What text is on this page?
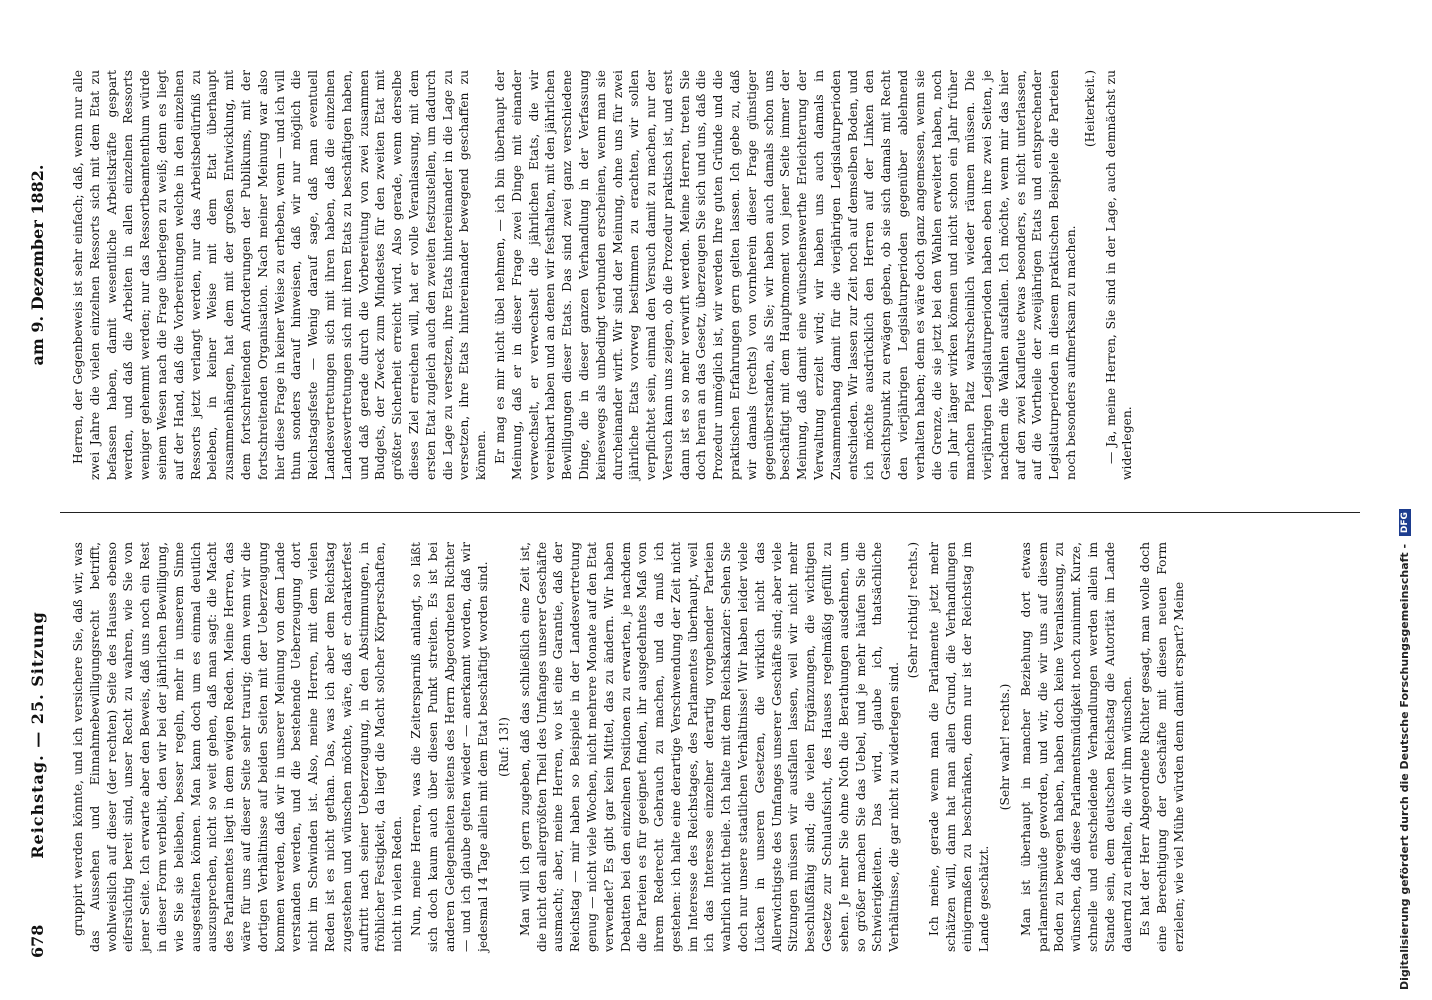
678
Reichstag. — 25. Sitzung
am 9. Dezember 1882.

gruppirt werden könnte, und ich versichere Sie, daß wir, was das Aussehen und Einnahmebewilligungsrecht betrifft, wohlweislich auf dieser (der rechten) Seite des Hauses ebenso eifersüchtig bereit sind, unser Recht zu wahren, wie Sie von jener Seite. Ich erwarte aber den Beweis, daß uns noch ein Rest in dieser Form verbleibt, den wir bei der jährlichen Bewilligung, wie Sie sie belieben, besser regeln, mehr in unserem Sinne ausgestalten können. Man kann doch um es einmal deutlich auszusprechen, nicht so weit gehen, daß man sagt: die Macht des Parlamentes liegt in dem ewigen Reden. Meine Herren, das wäre für uns auf dieser Seite sehr traurig; denn wenn wir die dortigen Verhältnisse auf beiden Seiten mit der Ueberzeugung kommen werden, daß wir in unserer Meinung von dem Lande verstanden werden, und die bestehende Ueberzeugung dort nicht im Schwinden ist. Also, meine Herren, mit dem vielen Reden ist es nicht gethan. Das, was ich aber dem Reichstag zugestehen und wünschen möchte, wäre, daß er charakterfest auftritt nach seiner Ueberzeugung, in den Abstimmungen, in fröhlicher Festigkeit, da liegt die Macht solcher Körperschaften, nicht in vielen Reden. Nun, meine Herren, was die Zeitersparniß anlangt, so läßt sich doch kaum auch über diesen Punkt streiten. Es ist bei anderen Gelegenheiten seitens des Herrn Abgeordneten Richter — und ich glaube gelten wieder — anerkannt worden, daß wir jedesmal 14 Tage allein mit dem Etat beschäftigt worden sind. (Ruf: 13!) Man will ich gern zugeben, daß das schließlich eine Zeit ist, die nicht den allergrößten Theil des Umfanges unserer Geschäfte ausmacht; aber, meine Herren, wo ist eine Garantie, daß der Reichstag — mir haben so Beispiele in der Landesvertretung genug — nicht viele Wochen, nicht mehrere Monate auf den Etat verwendet? Es gibt gar kein Mittel, das zu ändern. Wir haben Debatten bei den einzelnen Positionen zu erwarten, je nachdem die Parteien es für geeignet finden, ihr ausgedehntes Maß von ihrem Rederecht Gebrauch zu machen, und da muß ich gestehen: ich halte eine derartige Verschwendung der Zeit nicht im Interesse des Reichstages, des Parlamentes überhaupt, weil ich das Interesse einzelner derartig vorgehender Parteien wahrlich nicht theile. Ich halte mit dem Reichskanzler: Sehen Sie doch nur unsere staatlichen Verhältnisse! Wir haben leider viele Lücken in unseren Gesetzen, die wirklich nicht das Allerwichtigste des Umfanges unserer Geschäfte sind; aber viele Sitzungen müssen wir ausfallen lassen, weil wir nicht mehr beschlußfähig sind; die vielen Ergänzungen, die wichtigen Gesetze zur Schulaufsicht, des Hauses regelmäßig gefüllt zu sehen. Je mehr Sie ohne Noth die Berathungen ausdehnen, um so größer machen Sie das Uebel, und je mehr häufen Sie die Schwierigkeiten. Das wird, glaube ich, thatsächliche Verhältnisse, die gar nicht zu widerlegen sind.

(Sehr richtig! rechts.) Ich meine, gerade wenn man die Parlamente jetzt mehr schätzen will, dann hat man allen Grund, die Verhandlungen einigermaßen zu beschränken, denn nur ist der Reichstag im Lande geschätzt.

(Sehr wahr! rechts.) Man ist überhaupt in mancher Beziehung dort etwas parlamentsmüde geworden, und wir, die wir uns auf diesem Boden zu bewegen haben, haben doch keine Veranlassung, zu wünschen, daß diese Parlamentsmüdigkeit noch zunimmt. Kurze, schnelle und entscheidende Verhandlungen werden allein im Stande sein, dem deutschen Reichstag die Autorität im Lande dauernd zu erhalten, die wir ihm wünschen. Es hat der Herr Abgeordnete Richter gesagt, man wolle doch eine Berechtigung der Geschäfte mit diesen neuen Form erzielen; wie viel Mühe würden denn damit erspart? Meine

Herren, der Gegenbeweis ist sehr einfach; daß, wenn nur alle zwei Jahre die vielen einzelnen Ressorts sich mit dem Etat zu befassen haben, damit wesentliche Arbeitskräfte gespart werden, und daß die Arbeiten in allen einzelnen Ressorts weniger gehemmt werden; nur das Ressortbeamtenthum würde seinem Wesen nach die Frage überlegen zu weiß; denn es liegt auf der Hand, daß die Vorbereitungen welche in den einzelnen Ressorts jetzt verlangt werden, nur das Arbeitsbedürfniß zu beleben, in keiner Weise mit dem Etat überhaupt zusammenhängen, hat dem mit der großen Entwicklung, mit dem fortschreitenden Anforderungen der Publikums, mit der fortschreitenden Organisation. Nach meiner Meinung war also hier diese Frage in keiner Weise zu erheben, wenn — und ich will thun sonders darauf hinweisen, daß wir nur möglich die Reichstagsfeste — Wenig darauf sage, daß man eventuell Landesvertretungen sich mit ihren haben, daß die einzelnen Landesvertretungen sich mit ihren Etats zu beschäftigen haben, und daß gerade durch die Vorbereitung von zwei zusammen Budgets, der Zweck zum Mindestes für den zweiten Etat mit größter Sicherheit erreicht wird. Also gerade, wenn derselbe dieses Ziel erreichen will, hat er volle Veranlassung, mit dem ersten Etat zugleich auch den zweiten festzustellen, um dadurch die Lage zu versetzen, ihre Etats hintereinander in die Lage zu versetzen, ihre Etats hintereinander bewegend geschaffen zu können. Er mag es mir nicht übel nehmen, — ich bin überhaupt der Meinung, daß er in dieser Frage zwei Dinge mit einander verwechselt, er verwechselt die jährlichen Etats, die wir vereinbart haben und an denen wir festhalten, mit den jährlichen Bewilligungen dieser Etats. Das sind zwei ganz verschiedene Dinge, die in dieser ganzen Verhandlung in der Verfassung keineswegs als unbedingt verbunden erscheinen, wenn man sie durcheinander wirft. Wir sind der Meinung, ohne uns für zwei jährliche Etats vorweg bestimmen zu erachten, wir sollen verpflichtet sein, einmal den Versuch damit zu machen, nur der Versuch kann uns zeigen, ob die Prozedur praktisch ist, und erst dann ist es so mehr verwirft werden. Meine Herren, treten Sie doch heran an das Gesetz, überzeugen Sie sich und uns, daß die Prozedur unmöglich ist, wir werden Ihre guten Gründe und die praktischen Erfahrungen gern gelten lassen. Ich gebe zu, daß wir damals (rechts) von vornherein dieser Frage günstiger gegenüberstanden, als Sie; wir haben auch damals schon uns beschäftigt mit dem Hauptmoment von jener Seite immer der Meinung, daß damit eine wünschenswerthe Erleichterung der Verwaltung erzielt wird; wir haben uns auch damals in Zusammenhang damit für die vierjährigen Legislaturperioden entschieden. Wir lassen zur Zeit noch auf demselben Boden, und ich möchte ausdrücklich den Herren auf der Linken den Gesichtspunkt zu erwägen geben, ob sie sich damals mit Recht den vierjährigen Legislaturperioden gegenüber ablehnend verhalten haben; denn es wäre doch ganz angemessen, wenn sie die Grenze, die sie jetzt bei den Wahlen erweitert haben, noch ein Jahr länger wirken können und nicht schon ein Jahr früher manchen Platz wahrscheinlich wieder räumen müssen. Die vierjährigen Legislaturperioden haben eben ihre zwei Seiten, je nachdem die Wahlen ausfallen. Ich möchte, wenn mir das hier auf den zwei Kaufleute etwas besonders, es nicht unterlassen, auf die Vortheile der zweijährigen Etats und entsprechender Legislaturperioden in diesem praktischen Beispiele die Parteien noch besonders aufmerksam zu machen.

(Heiterkeit.) — Ja, meine Herren, Sie sind in der Lage, auch demnächst zu widerlegen.

Digitalisierung gefördert durch die Deutsche Forschungsgemeinschaft - DFG
